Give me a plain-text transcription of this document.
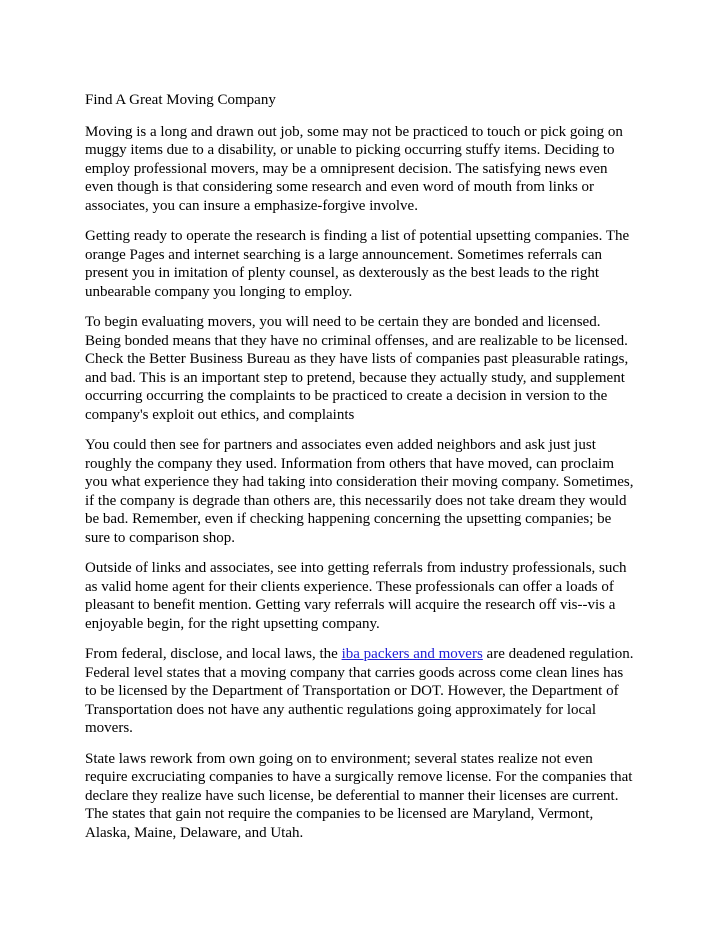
Find A Great Moving Company

Moving is a long and drawn out job, some may not be practiced to touch or pick going on muggy items due to a disability, or unable to picking occurring stuffy items. Deciding to employ professional movers, may be a omnipresent decision. The satisfying news even even though is that considering some research and even word of mouth from links or associates, you can insure a emphasize-forgive involve.

Getting ready to operate the research is finding a list of potential upsetting companies. The orange Pages and internet searching is a large announcement. Sometimes referrals can present you in imitation of plenty counsel, as dexterously as the best leads to the right unbearable company you longing to employ.

To begin evaluating movers, you will need to be certain they are bonded and licensed. Being bonded means that they have no criminal offenses, and are realizable to be licensed. Check the Better Business Bureau as they have lists of companies past pleasurable ratings, and bad. This is an important step to pretend, because they actually study, and supplement occurring occurring the complaints to be practiced to create a decision in version to the company's exploit out ethics, and complaints

You could then see for partners and associates even added neighbors and ask just just roughly the company they used. Information from others that have moved, can proclaim you what experience they had taking into consideration their moving company. Sometimes, if the company is degrade than others are, this necessarily does not take dream they would be bad. Remember, even if checking happening concerning the upsetting companies; be sure to comparison shop.

Outside of links and associates, see into getting referrals from industry professionals, such as valid home agent for their clients experience. These professionals can offer a loads of pleasant to benefit mention. Getting vary referrals will acquire the research off vis--vis a enjoyable begin, for the right upsetting company.

From federal, disclose, and local laws, the iba packers and movers are deadened regulation. Federal level states that a moving company that carries goods across come clean lines has to be licensed by the Department of Transportation or DOT. However, the Department of Transportation does not have any authentic regulations going approximately for local movers.

State laws rework from own going on to environment; several states realize not even require excruciating companies to have a surgically remove license. For the companies that declare they realize have such license, be deferential to manner their licenses are current. The states that gain not require the companies to be licensed are Maryland, Vermont, Alaska, Maine, Delaware, and Utah.
